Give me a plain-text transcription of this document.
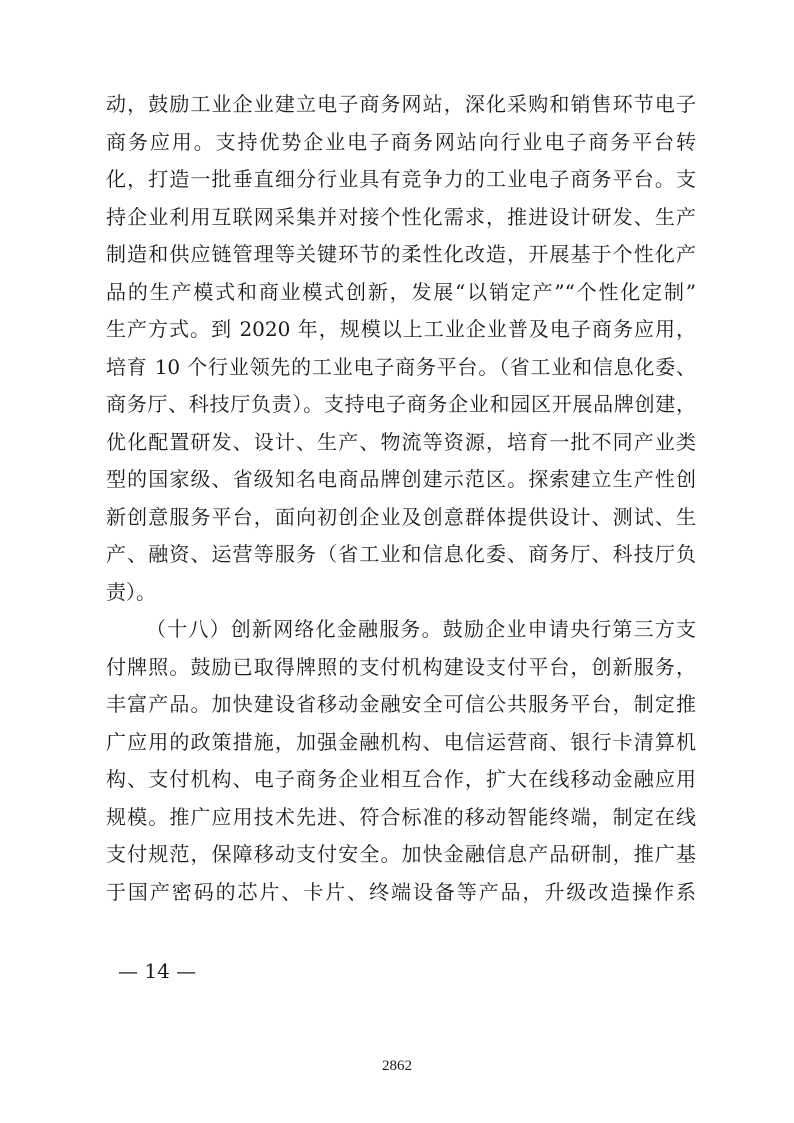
动，鼓励工业企业建立电子商务网站，深化采购和销售环节电子
商务应用。支持优势企业电子商务网站向行业电子商务平台转
化，打造一批垂直细分行业具有竞争力的工业电子商务平台。支
持企业利用互联网采集并对接个性化需求，推进设计研发、生产
制造和供应链管理等关键环节的柔性化改造，开展基于个性化产
品的生产模式和商业模式创新，发展“以销定产”“个性化定制”
生产方式。到 2020 年，规模以上工业企业普及电子商务应用，
培育 10 个行业领先的工业电子商务平台。（省工业和信息化委、
商务厅、科技厅负责）。支持电子商务企业和园区开展品牌创建，
优化配置研发、设计、生产、物流等资源，培育一批不同产业类
型的国家级、省级知名电商品牌创建示范区。探索建立生产性创
新创意服务平台，面向初创企业及创意群体提供设计、测试、生
产、融资、运营等服务（省工业和信息化委、商务厅、科技厅负
责）。
（十八）创新网络化金融服务。鼓励企业申请央行第三方支
付牌照。鼓励已取得牌照的支付机构建设支付平台，创新服务，
丰富产品。加快建设省移动金融安全可信公共服务平台，制定推
广应用的政策措施，加强金融机构、电信运营商、银行卡清算机
构、支付机构、电子商务企业相互合作，扩大在线移动金融应用
规模。推广应用技术先进、符合标准的移动智能终端，制定在线
支付规范，保障移动支付安全。加快金融信息产品研制，推广基
于国产密码的芯片、卡片、终端设备等产品，升级改造操作系
— 14 —
2862
